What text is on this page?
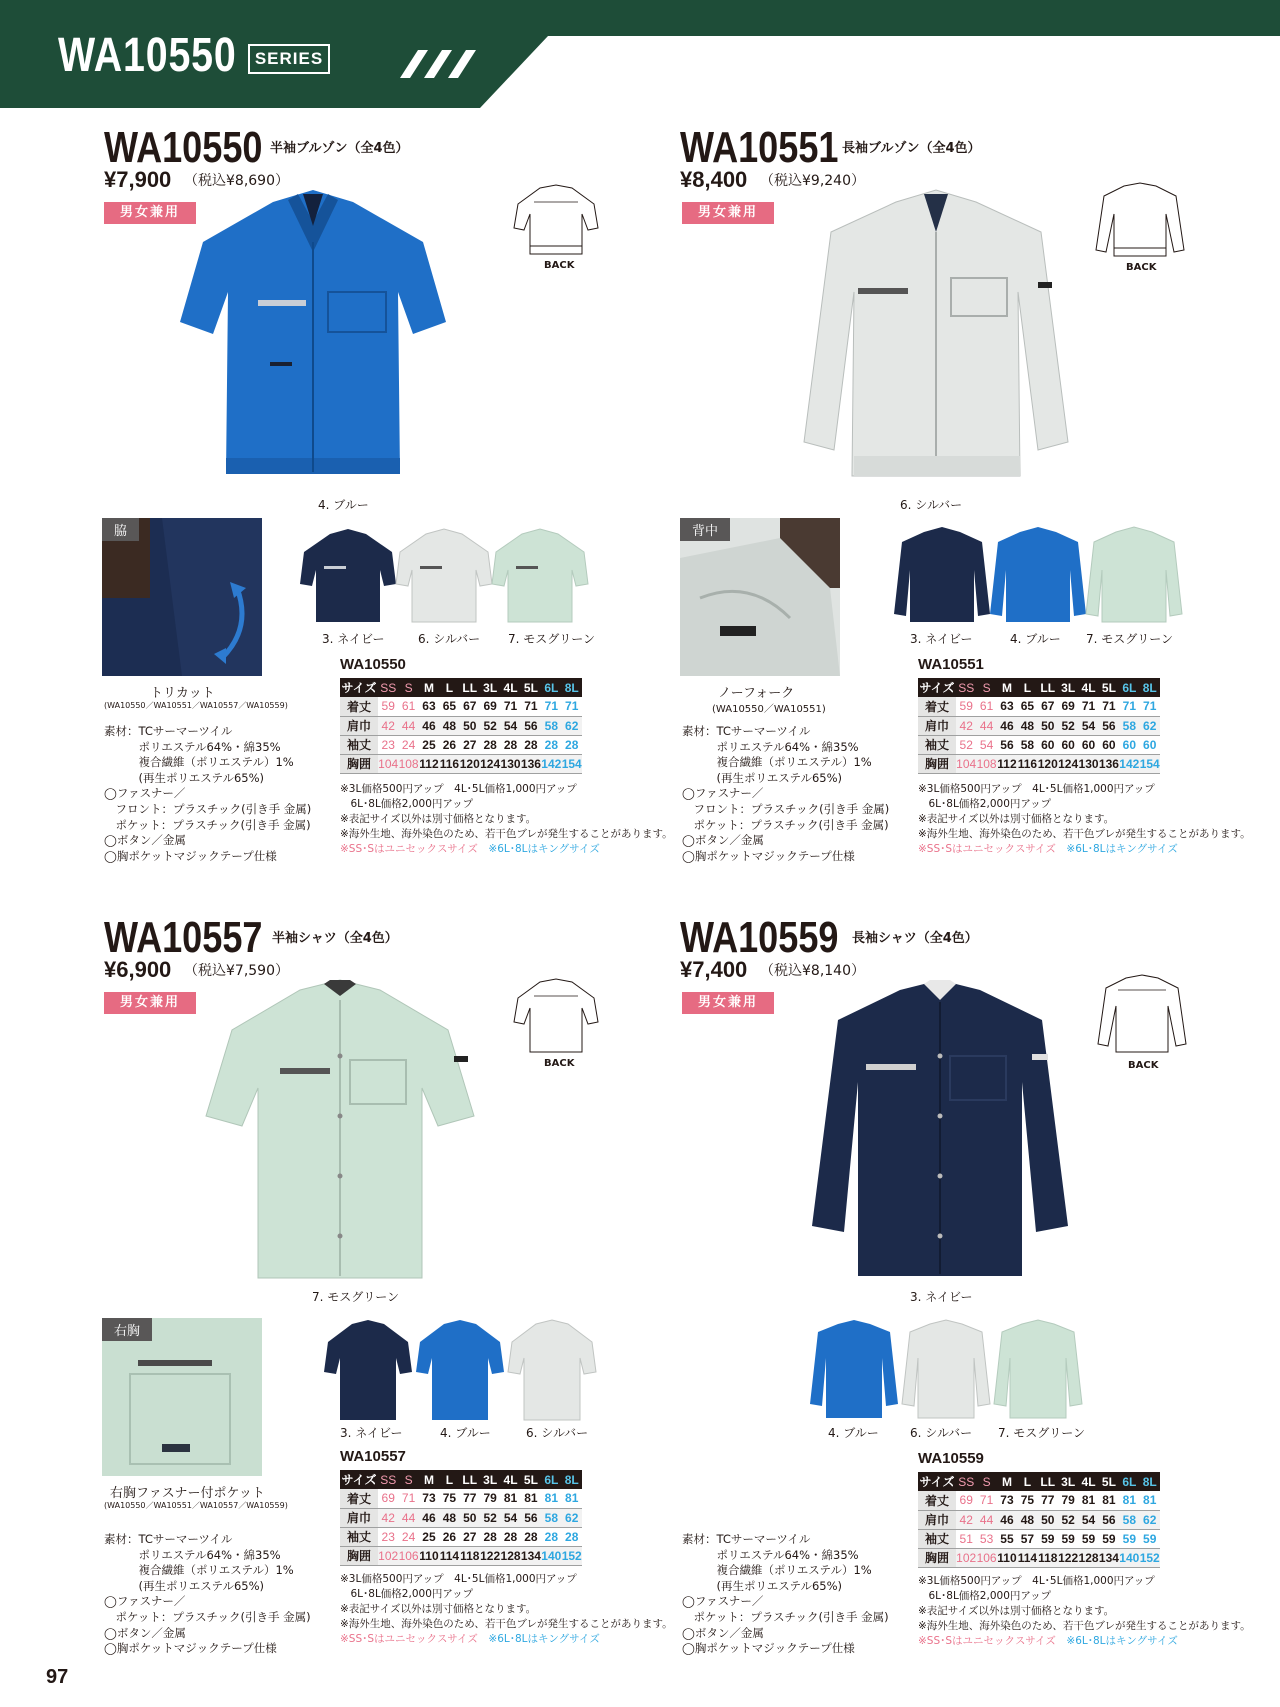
WA10550	SERIES
WA10550 半袖ブルゾン（全4色）
¥7,900 （税込¥8,690）
男女兼用
4. ブルー
BACK
脇
トリカット
(WA10550／WA10551／WA10557／WA10559)
3. ネイビー	6. シルバー 7. モスグリーン
素材：TCサーマーツイル
　　　ポリエステル64%・綿35%
　　　複合繊維（ポリエステル）1%
　　　(再生ポリエステル65%)
◯ファスナー／
　フロント：プラスチック(引き手 金属)
　ポケット：プラスチック(引き手 金属)
◯ボタン／金属
◯胸ポケットマジックテープ仕様
WA10550
サイズ	SS	S	M	L	LL	3L	4L	5L	6L	8L
着丈	59	61	63	65	67	69	71	71	71	71
肩巾	42	44	46	48	50	52	54	56	58	62
袖丈	23	24	25	26	27	28	28	28	28	28
胸囲	104	108	112	116	120	124	130	136	142	154
※3L価格500円アップ　4L･5L価格1,000円アップ
　6L･8L価格2,000円アップ
※表記サイズ以外は別寸価格となります。
※海外生地、海外染色のため、若干色ブレが発生することがあります。
※SS･Sはユニセックスサイズ　 ※6L･8Lはキングサイズ
WA10551 長袖ブルゾン（全4色）
¥8,400 （税込¥9,240）
男女兼用
6. シルバー
BACK
背中
ノーフォーク
(WA10550／WA10551)
3. ネイビー	4. ブルー 7. モスグリーン
素材：TCサーマーツイル
　　　ポリエステル64%・綿35%
　　　複合繊維（ポリエステル）1%
　　　(再生ポリエステル65%)
◯ファスナー／
　フロント：プラスチック(引き手 金属)
　ポケット：プラスチック(引き手 金属)
◯ボタン／金属
◯胸ポケットマジックテープ仕様
WA10551
サイズ	SS	S	M	L	LL	3L	4L	5L	6L	8L
着丈	59	61	63	65	67	69	71	71	71	71
肩巾	42	44	46	48	50	52	54	56	58	62
袖丈	52	54	56	58	60	60	60	60	60	60
胸囲	104	108	112	116	120	124	130	136	142	154
※3L価格500円アップ　4L･5L価格1,000円アップ
　6L･8L価格2,000円アップ
※表記サイズ以外は別寸価格となります。
※海外生地、海外染色のため、若干色ブレが発生することがあります。
※SS･Sはユニセックスサイズ　 ※6L･8Lはキングサイズ
WA10557 半袖シャツ（全4色）
¥6,900 （税込¥7,590）
男女兼用
7. モスグリーン
BACK
右胸
右胸ファスナー付ポケット
(WA10550／WA10551／WA10557／WA10559)
3. ネイビー	4. ブルー	6. シルバー
素材：TCサーマーツイル
　　　ポリエステル64%・綿35%
　　　複合繊維（ポリエステル）1%
　　　(再生ポリエステル65%)
◯ファスナー／
　ポケット：プラスチック(引き手 金属)
◯ボタン／金属
◯胸ポケットマジックテープ仕様
WA10557
サイズ	SS	S	M	L	LL	3L	4L	5L	6L	8L
着丈	69	71	73	75	77	79	81	81	81	81
肩巾	42	44	46	48	50	52	54	56	58	62
袖丈	23	24	25	26	27	28	28	28	28	28
胸囲	102	106	110	114	118	122	128	134	140	152
※3L価格500円アップ　4L･5L価格1,000円アップ
　6L･8L価格2,000円アップ
※表記サイズ以外は別寸価格となります。
※海外生地、海外染色のため、若干色ブレが発生することがあります。
※SS･Sはユニセックスサイズ　 ※6L･8Lはキングサイズ
WA10559 長袖シャツ（全4色）
¥7,400 （税込¥8,140）
男女兼用
3. ネイビー
BACK
4. ブルー	6. シルバー 7. モスグリーン
素材：TCサーマーツイル
　　　ポリエステル64%・綿35%
　　　複合繊維（ポリエステル）1%
　　　(再生ポリエステル65%)
◯ファスナー／
　ポケット：プラスチック(引き手 金属)
◯ボタン／金属
◯胸ポケットマジックテープ仕様
WA10559
サイズ	SS	S	M	L	LL	3L	4L	5L	6L	8L
着丈	69	71	73	75	77	79	81	81	81	81
肩巾	42	44	46	48	50	52	54	56	58	62
袖丈	51	53	55	57	59	59	59	59	59	59
胸囲	102	106	110	114	118	122	128	134	140	152
※3L価格500円アップ　4L･5L価格1,000円アップ
　6L･8L価格2,000円アップ
※表記サイズ以外は別寸価格となります。
※海外生地、海外染色のため、若干色ブレが発生することがあります。
※SS･Sはユニセックスサイズ　 ※6L･8Lはキングサイズ
97
